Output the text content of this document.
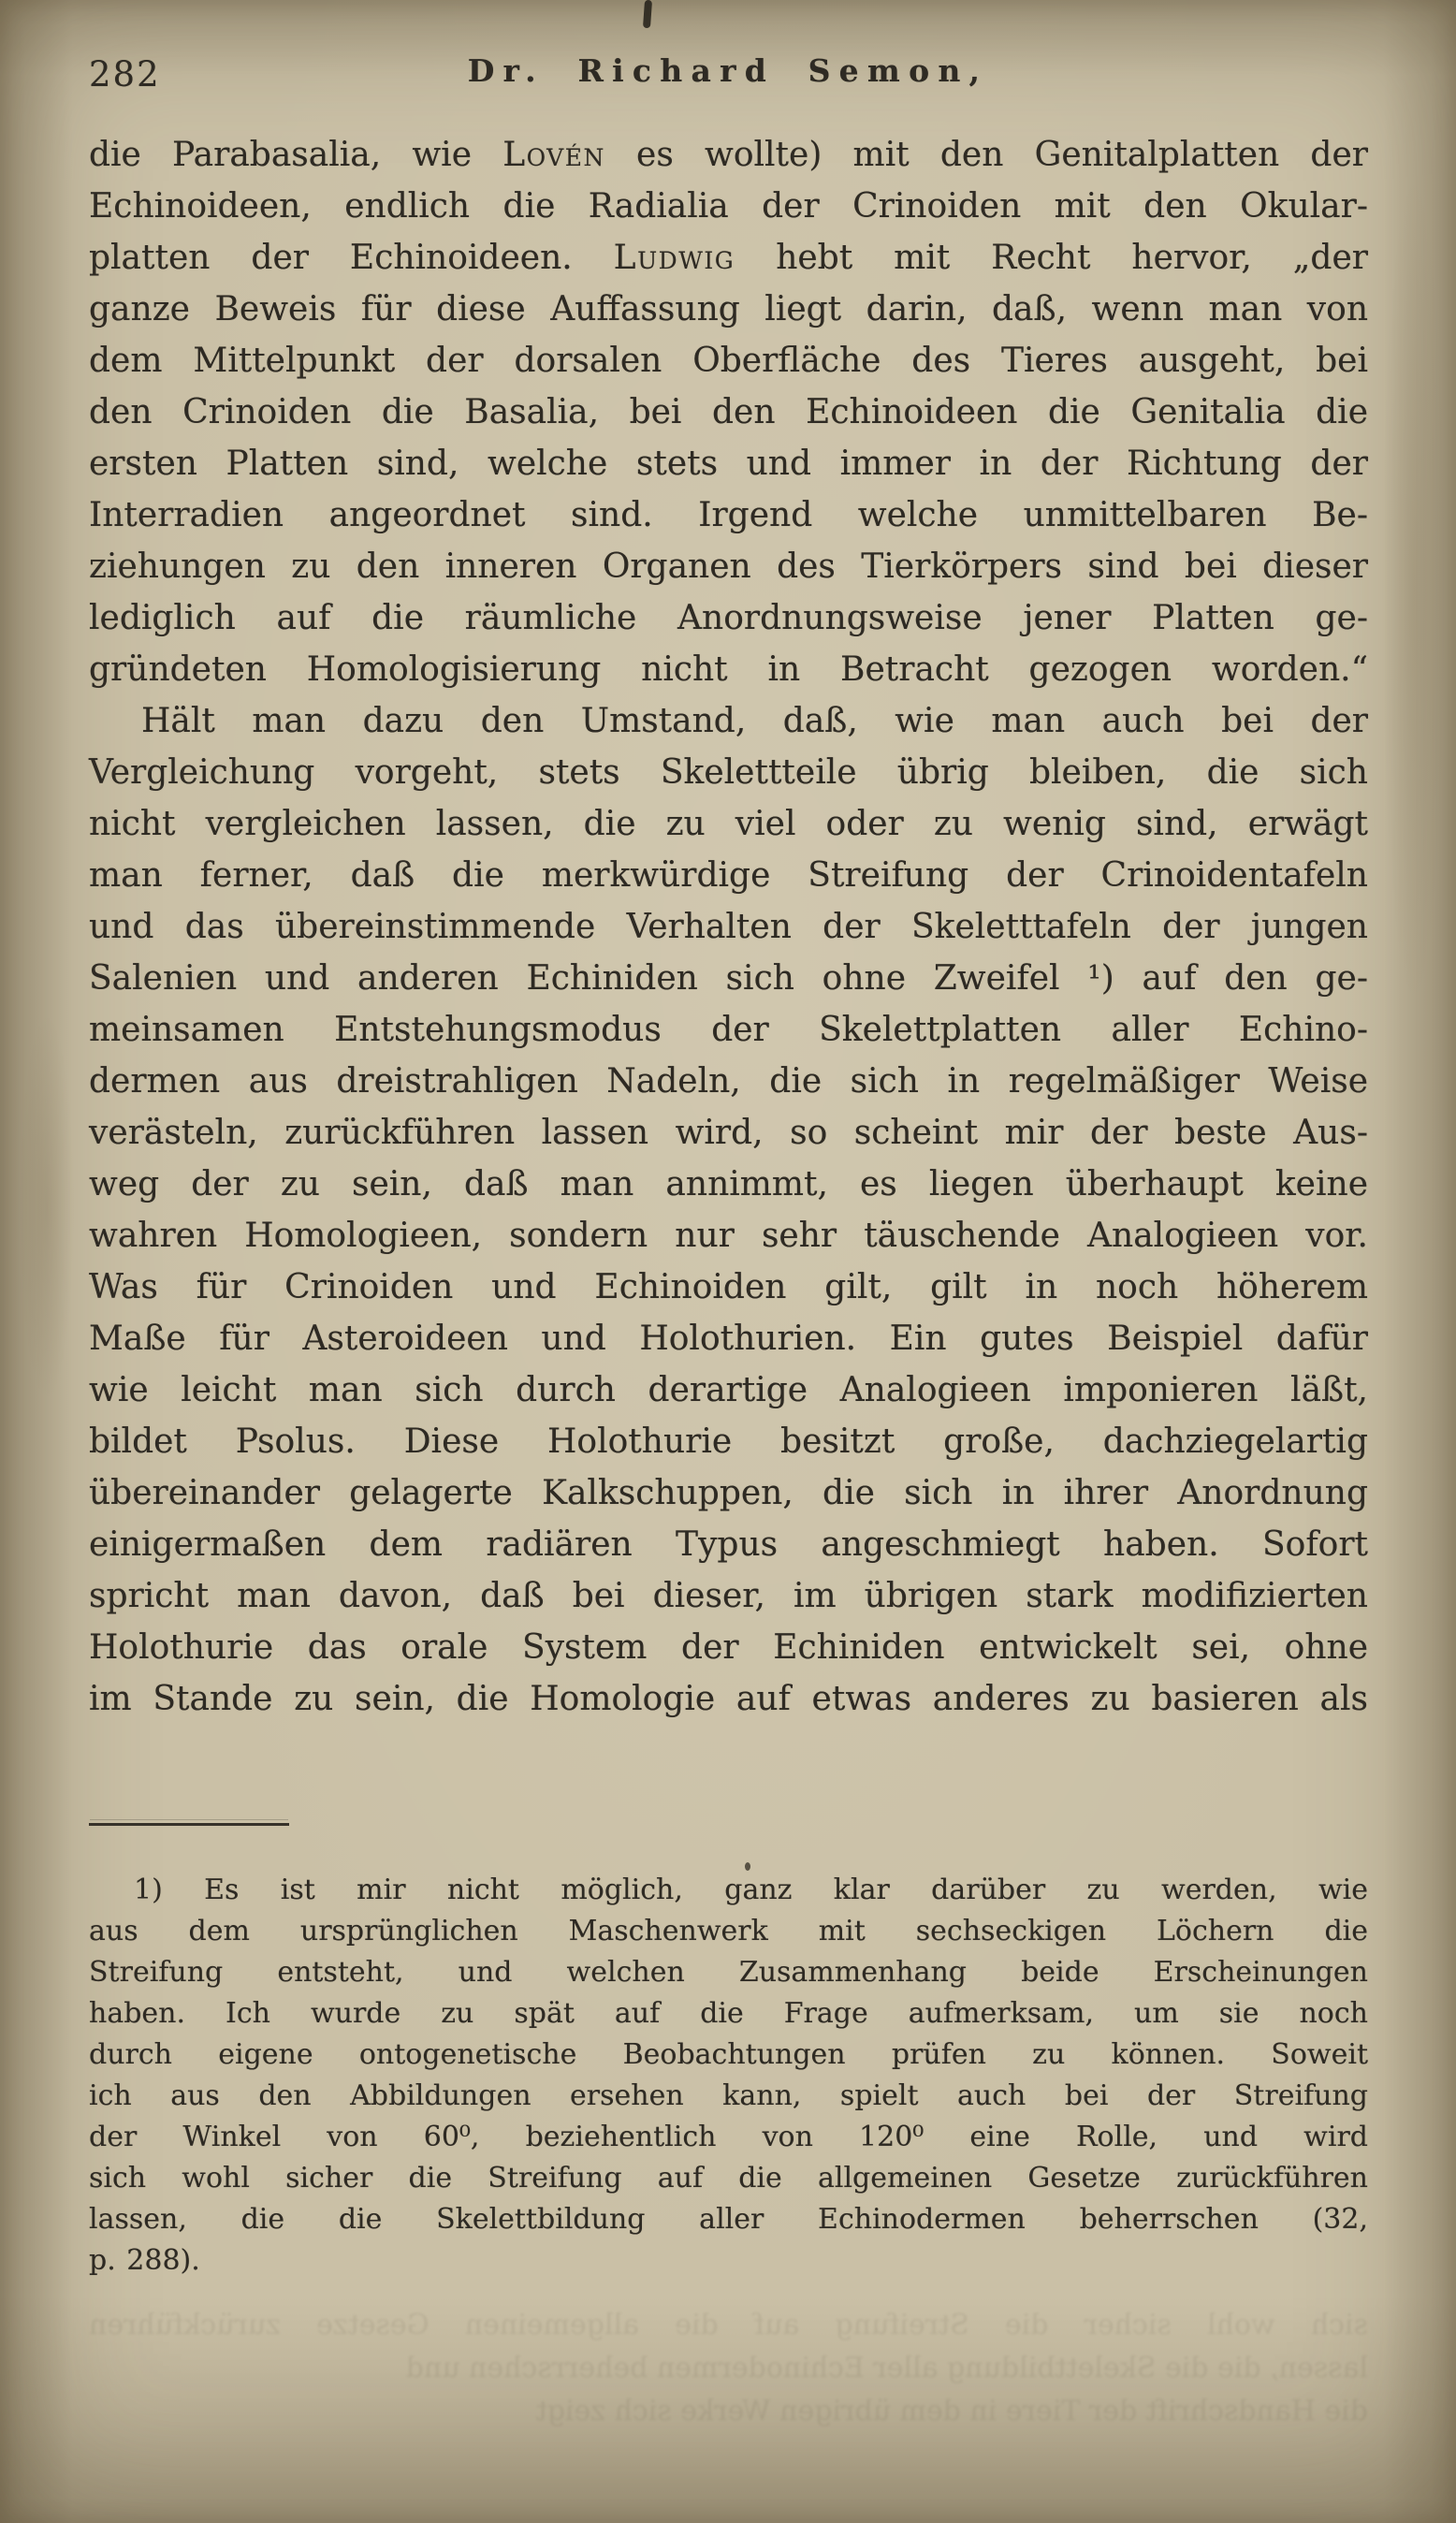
282	Dr. Richard Semon,
die Parabasalia, wie Lovén es wollte) mit den Genitalplatten der
Echinoideen, endlich die Radialia der Crinoiden mit den Okular-
platten der Echinoideen. Ludwig hebt mit Recht hervor, „der
ganze Beweis für diese Auffassung liegt darin, daß, wenn man von
dem Mittelpunkt der dorsalen Oberfläche des Tieres ausgeht, bei
den Crinoiden die Basalia, bei den Echinoideen die Genitalia die
ersten Platten sind, welche stets und immer in der Richtung der
Interradien angeordnet sind. Irgend welche unmittelbaren Be-
ziehungen zu den inneren Organen des Tierkörpers sind bei dieser
lediglich auf die räumliche Anordnungsweise jener Platten ge-
gründeten Homologisierung nicht in Betracht gezogen worden.“
Hält man dazu den Umstand, daß, wie man auch bei der
Vergleichung vorgeht, stets Skelettteile übrig bleiben, die sich
nicht vergleichen lassen, die zu viel oder zu wenig sind, erwägt
man ferner, daß die merkwürdige Streifung der Crinoidentafeln
und das übereinstimmende Verhalten der Skeletttafeln der jungen
Salenien und anderen Echiniden sich ohne Zweifel ¹) auf den ge-
meinsamen Entstehungsmodus der Skelettplatten aller Echino-
dermen aus dreistrahligen Nadeln, die sich in regelmäßiger Weise
verästeln, zurückführen lassen wird, so scheint mir der beste Aus-
weg der zu sein, daß man annimmt, es liegen überhaupt keine
wahren Homologieen, sondern nur sehr täuschende Analogieen vor.
Was für Crinoiden und Echinoiden gilt, gilt in noch höherem
Maße für Asteroideen und Holothurien. Ein gutes Beispiel dafür
wie leicht man sich durch derartige Analogieen imponieren läßt,
bildet Psolus. Diese Holothurie besitzt große, dachziegelartig
übereinander gelagerte Kalkschuppen, die sich in ihrer Anordnung
einigermaßen dem radiären Typus angeschmiegt haben. Sofort
spricht man davon, daß bei dieser, im übrigen stark modifizierten
Holothurie das orale System der Echiniden entwickelt sei, ohne
im Stande zu sein, die Homologie auf etwas anderes zu basieren als
1) Es ist mir nicht möglich, ganz klar darüber zu werden, wie
aus dem ursprünglichen Maschenwerk mit sechseckigen Löchern die
Streifung entsteht, und welchen Zusammenhang beide Erscheinungen
haben. Ich wurde zu spät auf die Frage aufmerksam, um sie noch
durch eigene ontogenetische Beobachtungen prüfen zu können. Soweit
ich aus den Abbildungen ersehen kann, spielt auch bei der Streifung
der Winkel von 60⁰, beziehentlich von 120⁰ eine Rolle, und wird
sich wohl sicher die Streifung auf die allgemeinen Gesetze zurückführen
lassen, die die Skelettbildung aller Echinodermen beherrschen (32,
p. 288).
sich wohl sicher die Streifung auf die allgemeinen Gesetze zurückführen
lassen, die die Skelettbildung aller Echinodermen beherrschen und
die Handschrift der Tiere in dem übrigen Werke sich zeigt
